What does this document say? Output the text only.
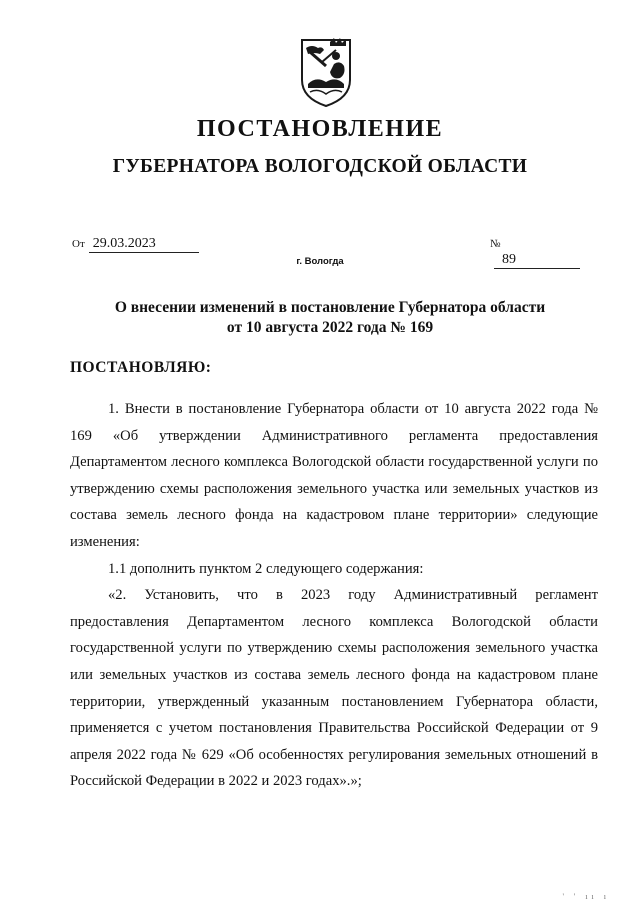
ПОСТАНОВЛЕНИЕ
ГУБЕРНАТОРА ВОЛОГОДСКОЙ ОБЛАСТИ
От 29.03.2023	№89
г. Вологда
О внесении изменений в постановление Губернатора области
от 10 августа 2022 года № 169
ПОСТАНОВЛЯЮ:

1. Внести в постановление Губернатора области от 10 августа 2022 года № 169 «Об утверждении Административного регламента предоставления Департаментом лесного комплекса Вологодской области государственной услуги по утверждению схемы расположения земельного участка или земельных участков из состава земель лесного фонда на кадастровом плане территории» следующие изменения:

1.1 дополнить пунктом 2 следующего содержания:

«2. Установить, что в 2023 году Административный регламент предоставления Департаментом лесного комплекса Вологодской области государственной услуги по утверждению схемы расположения земельного участка или земельных участков из состава земель лесного фонда на кадастровом плане территории, утвержденный указанным постановлением Губернатора области, применяется с учетом постановления Правительства Российской Федерации от 9 апреля 2022 года № 629 «Об особенностях регулирования земельных отношений в Российской Федерации в 2022 и 2023 годах».»;

' ' ıı ı
